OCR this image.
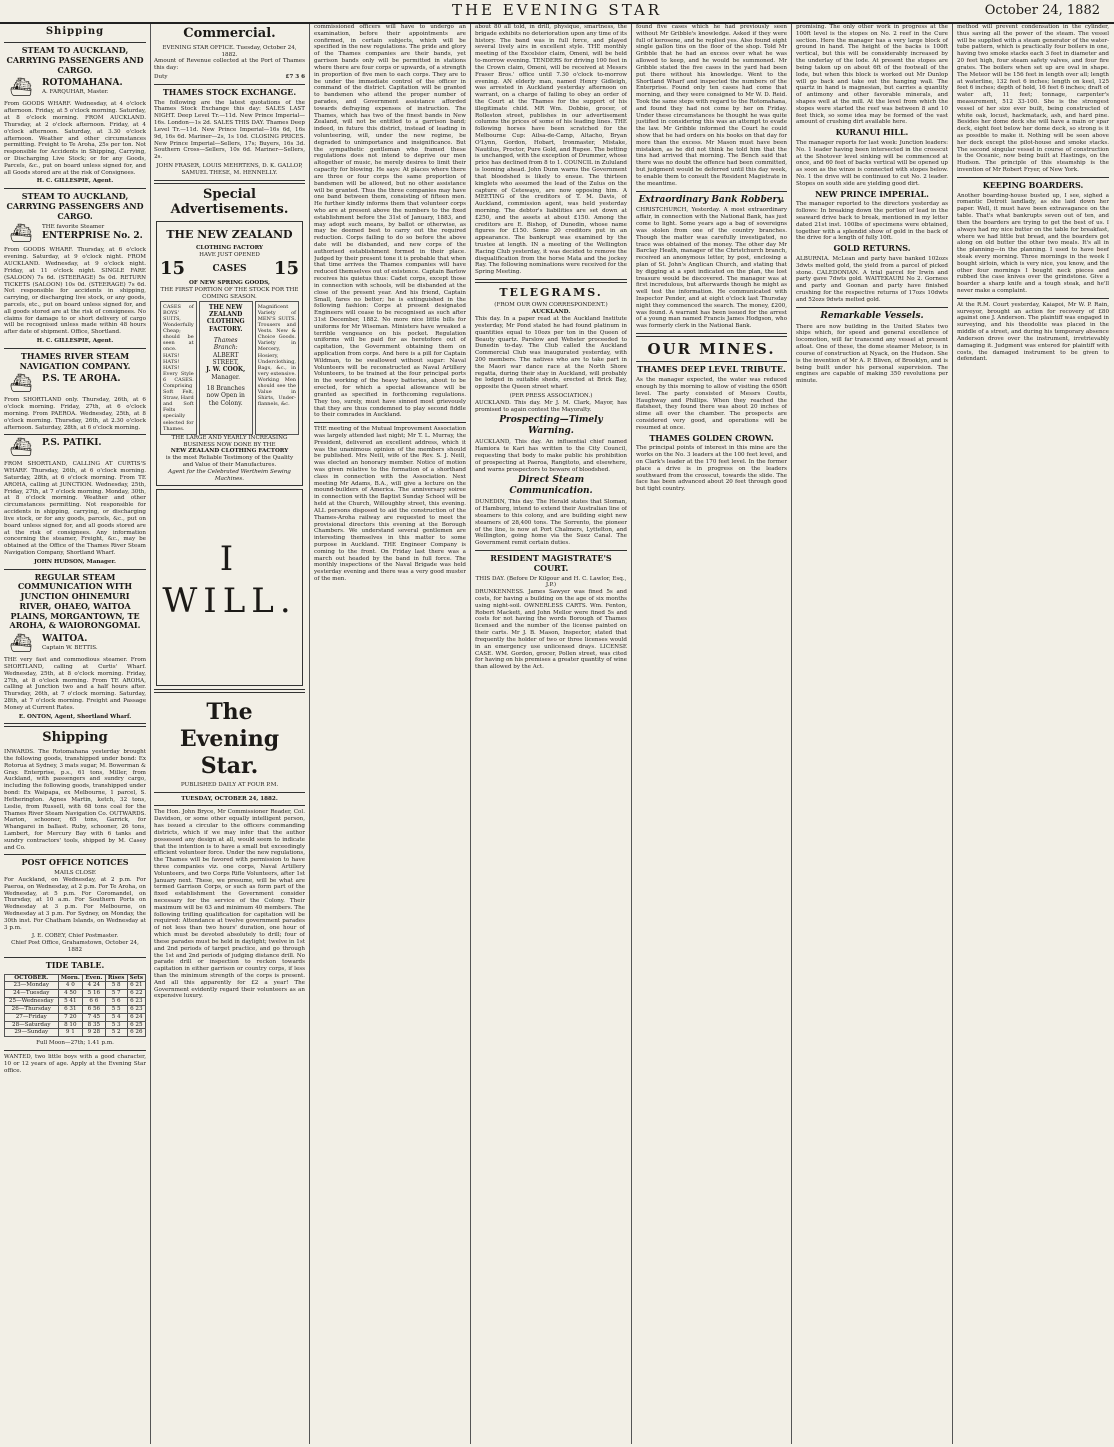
THE EVENING STAR	October 24, 1882
Shipping
STEAM TO AUCKLAND, CARRYING PASSENGERS AND CARGO.
⛴	ROTOMAHANA.
A. FARQUHAR, Master.
From GOODS WHARF. Wednesday, at 4 o'clock afternoon. Friday, at 5 o'clock morning. Saturday, at 8 o'clock morning. FROM AUCKLAND. Thursday, at 2 o'clock afternoon. Friday, at 4 o'clock afternoon. Saturday, at 3.30 o'clock afternoon. Weather and other circumstances permitting. Freight to Te Aroha, 25s per ton. Not responsible for Accidents in Shipping, Carrying, or Discharging Live Stock; or for any Goods, Parcels, &c., put on board unless signed for, and all Goods stored are at the risk of Consignees.
H. C. GILLESPIE, Agent.
STEAM TO AUCKLAND, CARRYING PASSENGERS AND CARGO.
⛴	THE favorite Steamer
ENTERPRISE No. 2.
From GOODS WHARF. Thursday, at 6 o'clock evening. Saturday, at 9 o'clock night. FROM AUCKLAND. Wednesday, at 9 o'clock night. Friday, at 11 o'clock night. SINGLE FARE (SALOON) 7s 6d. (STEERAGE) 5s 0d. RETURN TICKETS (SALOON) 10s 0d. (STEERAGE) 7s 6d. Not responsible for accidents in shipping, carrying, or discharging live stock, or any goods, parcels, etc., put on board unless signed for, and all goods stored are at the risk of consignees. No claims for damage to or short delivery of cargo will be recognised unless made within 48 hours after date of shipment. Office, Shortland.
H. C. GILLESPIE, Agent.
THAMES RIVER STEAM NAVIGATION COMPANY.
⛴	P.S. TE AROHA.
From SHORTLAND only. Thursday, 26th, at 6 o'clock morning. Friday, 27th, at 6 o'clock morning. From PAEROA. Wednesday, 25th, at 8 o'clock morning. Thursday, 26th, at 2.30 o'clock afternoon. Saturday, 28th, at 6 o'clock morning.
⛴	P.S. PATIKI.
FROM SHORTLAND, CALLING AT CURTIS'S WHARF. Thursday, 26th, at 6 o'clock morning. Saturday, 28th, at 6 o'clock morning. From TE AROHA, calling at JUNCTION. Wednesday, 25th, Friday, 27th, at 7 o'clock morning. Monday, 30th, at 8 o'clock morning. Weather and other circumstances permitting. Not responsible for accidents in shipping, carrying, or discharging live stock, or for any goods, parcels, &c., put on board unless signed for, and all goods stored are at the risk of consignees. Any information concerning the steamer, Freight, &c., may be obtained at the Office of the Thames River Steam Navigation Company, Shortland Wharf.
JOHN HUDSON, Manager.
REGULAR STEAM COMMUNICATION WITH JUNCTION OHINEMURI RIVER, OHAEO, WAITOA PLAINS, MORGANTOWN, TE AROHA, & WAIORONGOMAI.
⛴	WAITOA.
Captain W. BETTIS.
THE very fast and commodious steamer. From SHORTLAND, calling at Curtis' Wharf. Wednesday, 25th, at 8 o'clock morning. Friday, 27th, at 8 o'clock morning. From TE AROHA, calling at Junction two and a half hours after. Thursday, 26th, at 7 o'clock morning. Saturday, 28th, at 7 o'clock morning. Freight and Passage Money at Current Rates.
E. ONTON, Agent, Shortland Wharf.
Shipping
INWARDS. The Rotomahana yesterday brought the following goods, transhipped under bond: Ex Rotorua at Sydney, 3 mats sugar, M. Bowerman & Gray. Enterprise, p.s., 61 tons, Miller, from Auckland, with passengers and sundry cargo, including the following goods, transhipped under bond: Ex Waipapa, ex Melbourne, 1 parcel, S. Hetherington. Agnes Martin, ketch, 32 tons, Leslie, from Russell, with 68 tons coal for the Thames River Steam Navigation Co. OUTWARDS. Marion, schooner, 65 tons, Garrick, for Whangarei in ballast. Ruby, schooner, 26 tons, Lambert, for Mercury Bay with 6 tanks and sundry contractors' tools, shipped by M. Casey and Co.
POST OFFICE NOTICES
MAILS CLOSE
For Auckland, on Wednesday, at 2 p.m. For Paeroa, on Wednesday, at 2 p.m. For Te Aroha, on Wednesday, at 5 p.m. For Coromandel, on Thursday, at 10 a.m. For Southern Ports on Wednesday at 3 p.m. For Melbourne, on Wednesday at 3 p.m. For Sydney, on Monday, the 30th inst. For Chatham Islands, on Wednesday at 3 p.m.
J. E. COBEY, Chief Postmaster.
Chief Post Office, Grahamstown, October 24, 1882
TIDE TABLE.
OCTOBER.	Morn.	Even.	Rises	Sets
23—Monday	4 0	4 24	5 8	6 21
24—Tuesday	4 50	5 16	5 7	6 22
25—Wednesday	5 41	6 6	5 6	6 23
26—Thursday	6 31	6 56	5 5	6 23
27—Friday	7 20	7 45	5 4	6 24
28—Saturday	8 10	8 35	5 3	6 25
29—Sunday	9 1	9 28	5 2	6 26
Full Moon—27th; 1.41 p.m.
WANTED, two little boys with a good character, 10 or 12 years of age. Apply at the Evening Star office.
Commercial.
EVENING STAR OFFICE. Tuesday, October 24, 1882.
Amount of Revenue collected at the Port of Thames this day:
Duty	£7 3 6
THAMES STOCK EXCHANGE.
The following are the latest quotations of the Thames Stock Exchange this day: SALES LAST NIGHT. Deep Level Tr.—11d. New Prince Imperial—16s. London—1s 2d. SALES THIS DAY. Thames Deep Level Tr.—11d. New Prince Imperial—16s 6d, 16s 9d, 16s 6d. Mariner—2s, 1s 10d. CLOSING PRICES. New Prince Imperial—Sellers, 17s; Buyers, 16s 3d. Southern Cross—Sellers, 10s 6d. Mariner—Sellers, 2s.
JOHN FRASER, LOUIS MEHRTENS, D. K. GALLOP, SAMUEL THESE, M. HENNELLY.
Special Advertisements.
THE NEW ZEALAND
CLOTHING FACTORY
HAVE JUST OPENED
15	CASES 15
OF NEW SPRING GOODS,
THE FIRST PORTION OF THE STOCK FOR THE COMING SEASON.
CASES of BOYS' SUITS, Wonderfully Cheap; should be seen at once. HATS! HATS! HATS! Every Style 6 CASES. Comprising Soft Felt, Straw, Hard and Soft Felts specially selected for Thames.
THE NEW ZEALAND CLOTHING FACTORY.
Thames Branch:
ALBERT STREET,
J. W. COOK,
Manager.
18 Branches now Open in the Colony.
Magnificent Variety of MEN'S SUITS. Trousers and Vests. New & Choice Goods. Variety in Mercery, Hosiery, Underclothing, Bags, &c., in very extensive. Working Men should see the Value in Shirts, Under-flannels, &c.
THE LARGE AND YEARLY INCREASING BUSINESS NOW DONE BY THE
NEW ZEALAND CLOTHING FACTORY
is the most Reliable Testimony of the Quality and Value of their Manufactures.
Agent for the Celebrated Wertheim Sewing Machines.
I WILL.
The Evening Star.
PUBLISHED DAILY AT FOUR P.M.
TUESDAY, OCTOBER 24, 1882.
The Hon. John Bryce, Mr Commissioner Reader, Col. Davidson, or some other equally intelligent person, has issued a circular to the officers commanding districts, which if we may infer that the author possessed any design at all, would seem to indicate that the intention is to have a small but exceedingly efficient volunteer force. Under the new regulations, the Thames will be favored with permission to have three companies viz. one corps, Naval Artillery Volunteers, and two Corps Rifle Volunteers, after 1st January next. These, we presume, will be what are termed Garrison Corps, or such as form part of the fixed establishment the Government consider necessary for the service of the Colony. Their maximum will be 63 and minimum 40 members. The following trifling qualification for capitation will be required: Attendance at twelve government parades of not less than two hours' duration, one hour of which must be devoted absolutely to drill; four of these parades must be held in daylight; twelve in 1st and 2nd periods of target practice, and go through the 1st and 2nd periods of judging distance drill. No parade drill or inspection to reckon towards capitation in either garrison or country corps, if less than the minimum strength of the corps is present. And all this apparently for £2 a year! The Government evidently regard their volunteers as an expensive luxury.
commissioned officers will have to undergo an examination, before their appointments are confirmed, in certain subjects, which will be specified in the new regulations. The pride and glory of the Thames companies are their bands, yet garrison bands only will be permitted in stations where there are four corps or upwards, of a strength in proportion of five men to each corps. They are to be under the immediate control of the officer in command of the district. Capitation will be granted to bandsmen who attend the proper number of parades, and Government assistance afforded towards defraying expenses of instruction. The Thames, which has two of the finest bands in New Zealand, will not be entitled to a garrison band; indeed, in future this district, instead of leading in volunteering, will, under the new regime, be degraded to unimportance and insignificance. But the sympathetic gentleman who framed these regulations does not intend to deprive our men altogether of music, he merely desires to limit their capacity for blowing. He says: At places where there are three or four corps the same proportion of bandsmen will be allowed, but no other assistance will be granted. Thus the three companies may have one band between them, consisting of fifteen men. He further kindly informs them that volunteer corps who are at present above the numbers to the fixed establishment before the 31st of January, 1883, and may adopt such means, by ballot or otherwise, as may be deemed best to carry out the required reduction. Corps failing to do so before the above date will be disbanded, and new corps of the authorised establishment formed in their place. Judged by their present tone it is probable that when that time arrives the Thames companies will have reduced themselves out of existence. Captain Barlow receives his quietus thus: Cadet corps, except those in connection with schools, will be disbanded at the close of the present year. And his friend, Captain Small, fares no better; he is extinguished in the following fashion: Corps at present designated Engineers will cease to be recognised as such after 31st December, 1882. No more nice little bills for uniforms for Mr Wiseman. Ministers have wreaked a terrible vengeance on his pocket. Regulation uniforms will be paid for as heretofore out of capitation, the Government obtaining them on application from corps. And here is a pill for Captain Wildman, to be swallowed without sugar: Naval Volunteers will be reconstructed as Naval Artillery Volunteers, to be trained at the four principal ports in the working of the heavy batteries, about to be erected, for which a special allowance will be granted as specified in forthcoming regulations. They too, surely, must have sinned most grievously that they are thus condemned to play second fiddle to their comrades in Auckland.
THE meeting of the Mutual Improvement Association was largely attended last night; Mr T. L. Murray, the President, delivered an excellent address, which it was the unanimous opinion of the members should be published. Mrs Neill, wife of the Rev. S. J. Neill, was elected an honorary member. Notice of motion was given relative to the formation of a shorthand class in connection with the Association. Next meeting Mr Adams, B.A., will give a lecture on the mound-builders of America. The anniversary soiree in connection with the Baptist Sunday School will be held at the Church, Willoughby street, this evening. ALL persons disposed to aid the construction of the Thames-Aroha railway are requested to meet the provisional directors this evening at the Borough Chambers. We understand several gentlemen are interesting themselves in this matter to some purpose in Auckland. THE Engineer Company is coming to the front. On Friday last there was a march out headed by the band in full force. The monthly inspections of the Naval Brigade was held yesterday evening and there was a very good muster of the men.
about 80 all told, in drill, physique, smartness, the brigade exhibits no deterioration upon any time of its history. The band was in full force, and played several lively airs in excellent style. THE monthly meeting of the Excelsior claim, Omeni, will be held to-morrow evening. TENDERS for driving 100 feet in the Crown claim, Omeni, will be received at Messrs Fraser Bros.' office until 7.30 o'clock to-morrow evening. AN elderly man, named Henry Gidleigh, was arrested in Auckland yesterday afternoon on warrant, on a charge of failing to obey an order of the Court at the Thames for the support of his illegitimate child. MR Wm. Dobbie, grocer, of Rolleston street, publishes in our advertisement columns the prices of some of his leading lines. THE following horses have been scratched for the Melbourne Cup: Ailsa-de-Camp, Altacho, Bryan O'Lynn, Gordon, Hobart, Ironmaster, Mistake, Nautilus, Proctor, Pure Gold, and Rupee. The betting is unchanged, with the exception of Drummer, whose price has declined from 8 to 1. COUNCIL in Zululand is looming ahead. John Dunn warns the Government that bloodshed is likely to ensue. The thirteen kinglets who assumed the lead of the Zulus on the capture of Cetewayo, are now opposing him. A MEETING of the creditors of T. M. Davis, of Auckland, commission agent, was held yesterday morning. The debtor's liabilities are set down at £250, and the assets at about £150. Among the creditors are E. Bishop, of Dunedin, whose name figures for £150. Some 20 creditors put in an appearance. The bankrupt was examined by the trustee at length. IN a meeting of the Wellington Racing Club yesterday, it was decided to remove the disqualification from the horse Mata and the jockey Ray. The following nominations were received for the Spring Meeting.
TELEGRAMS.
(FROM OUR OWN CORRESPONDENT.)
AUCKLAND.
This day. In a paper read at the Auckland Institute yesterday, Mr Pond stated he had found platinum in quantities equal to 10ozs per ton in the Queen of Beauty quartz. Parslow and Webster proceeded to Dunedin to-day. The Club called the Auckland Commercial Club was inaugurated yesterday, with 200 members. The natives who are to take part in the Maori war dance race at the North Shore regatta, during their stay in Auckland, will probably be lodged in suitable sheds, erected at Brick Bay, opposite the Queen street wharf.
(PER PRESS ASSOCIATION.)
AUCKLAND. This day. Mr J. M. Clark, Mayor, has promised to again contest the Mayoralty.
Prospecting—Timely Warning.
AUCKLAND, This day. An influential chief named Hamiora te Kari has written to the City Council, requesting that body to make public his prohibition of prospecting at Paeroa, Rangitoto, and elsewhere, and warns prospectors to beware of bloodshed.
Direct Steam Communication.
DUNEDIN, This day. The Herald states that Sloman, of Hamburg, intend to extend their Australian line of steamers to this colony, and are building eight new steamers of 28,400 tons. The Sorrento, the pioneer of the line, is now at Port Chalmers, Lyttelton, and Wellington, going home via the Suez Canal. The Government remit certain duties.
RESIDENT MAGISTRATE'S COURT.
THIS DAY. (Before Dr Kilgour and H. C. Lawlor, Esq., J.P.)
DRUNKENNESS. James Sawyer was fined 5s and costs, for having a building on the age of six months using night-soil. OWNERLESS CARTS. Wm. Fenton, Robert Mackett, and John Mellor were fined 5s and costs for not having the words Borough of Thames licensed and the number of the license painted on their carts. Mr J. B. Mason, Inspector, stated that frequently the holder of two or three licenses would in an emergency use unlicensed drays. LICENSE CASE. WM. Gordon, grocer, Pollen street, was cited for having on his premises a greater quantity of wine than allowed by the Act.
found five cases which he had previously seen without Mr Gribble's knowledge. Asked if they were full of kerosene, and he replied yes. Also found eight single gallon tins on the floor of the shop. Told Mr Gribble that he had an excess over what he was allowed to keep, and he would be summoned. Mr Gribble stated the five cases in the yard had been put there without his knowledge. Went to the Shortland Wharf and inspected the numbers of the Enterprise. Found only ten cases had come that morning, and they were consigned to Mr W. D. Reid. Took the same steps with regard to the Rotomahana, and found they had not come by her on Friday. Under these circumstances he thought he was quite justified in considering this was an attempt to evade the law. Mr Gribble informed the Court he could show that he had orders on his books on that day for more than the excess. Mr Mason must have been mistaken, as he did not think he told him that the tins had arrived that morning. The Bench said that there was no doubt the offence had been committed, but judgment would be deferred until this day week, to enable them to consult the Resident Magistrate in the meantime.
Extraordinary Bank Robbery.
CHRISTCHURCH, Yesterday. A most extraordinary affair, in connection with the National Bank, has just come to light. Some years ago a bag of sovereigns was stolen from one of the country branches. Though the matter was carefully investigated, no trace was obtained of the money. The other day Mr Barclay Heath, manager of the Christchurch branch, received an anonymous letter, by post, enclosing a plan of St. John's Anglican Church, and stating that by digging at a spot indicated on the plan, the lost treasure would be discovered. The manager was at first incredulous, but afterwards though he might as well test the information. He communicated with Inspector Pender, and at eight o'clock last Thursday night they commenced the search. The money, £200, was found. A warrant has been issued for the arrest of a young man named Francis James Hodgson, who was formerly clerk in the National Bank.
OUR MINES.
THAMES DEEP LEVEL TRIBUTE.
As the manager expected, the water was reduced enough by this morning to allow of visiting the 650ft level. The party consisted of Messrs Coutts, Haughway and Phillips. When they reached the flatsheet, they found there was about 20 inches of slime all over the chamber. The prospects are considered very good, and operations will be resumed at once.
THAMES GOLDEN CROWN.
The principal points of interest in this mine are the works on the No. 3 leaders at the 100 feet level, and on Clark's leader at the 170 feet level. In the former place a drive is in progress on the leaders southward from the crosscut, towards the slide. The face has been advanced about 20 feet through good but tight country.
promising. The only other work in progress at the 100ft level is the stopes on No. 2 reef in the Cure section. Here the manager has a very large block of ground in hand. The height of the backs is 100ft vertical, but this will be considerably increased by the underlay of the lode. At present the stopes are being taken up on about 6ft of the footwall of the lode, but when this block is worked out Mr Dunlop will go back and take out the hanging wall. The quartz in hand is magnesian, but carries a quantity of antimony and other favorable minerals, and shapes well at the mill. At the level from which the stopes were started the reef was between 8 and 10 feet thick, so some idea may be formed of the vast amount of crushing dirt available here.
KURANUI HILL.
The manager reports for last week: Junction leaders: No. 1 leader having been intersected in the crosscut at the Shotover level sinking will be commenced at once, and 60 feet of backs vertical will be opened up as soon as the winze is connected with stopes below. No. 1 the drive will be continued to cut No. 2 leader. Stopes on south side are yielding good dirt.
NEW PRINCE IMPERIAL.
The manager reported to the directors yesterday as follows: In breaking down the portion of lead in the seaward drive back to break, mentioned in my letter dated 21st inst. 100lbs of specimens were obtained, together with a splendid show of gold in the back of the drive for a length of fully 10ft.
GOLD RETURNS.
ALBURNIA. McLean and party have banked 102ozs 3dwts melted gold, the yield from a parcel of picked stone. CALEDONIAN. A trial parcel for Irwin and party gave 7dwts gold. WAITEKAURI No 2. Gorness and party and Goonan and party have finished crushing for the respective returns of 17ozs 10dwts and 52ozs 9dwts melted gold.
Remarkable Vessels.
There are now building in the United States two ships which, for speed and general excellence of locomotion, will far transcend any vessel at present afloat. One of these, the dome steamer Meteor, is in course of construction at Nyack, on the Hudson. She is the invention of Mr A. P. Bliven, of Brooklyn, and is being built under his personal supervision. The engines are capable of making 350 revolutions per minute.
method will prevent condensation in the cylinder, thus saving all the power of the steam. The vessel will be supplied with a steam generator of the water-tube pattern, which is practically four boilers in one, having two smoke stacks each 3 feet in diameter and 20 feet high, four steam safety valves, and four fire grates. The boilers when set up are oval in shape. The Meteor will be 156 feet in length over all; length at waterline, 132 feet 6 inches; length on keel, 125 feet 6 inches; depth of hold, 16 feet 6 inches; draft of water aft, 11 feet; tonnage, carpenter's measurement, 512 33-100. She is the strongest vessel of her size ever built, being constructed of white oak, locust, hackmatack, ash, and hard pine. Besides her dome deck she will have a main or spar deck, eight feet below her dome deck, so strong is it as possible to make it. Nothing will be seen above her deck except the pilot-house and smoke stacks. The second singular vessel in course of construction is the Oceanic, now being built at Hastings, on the Hudson. The principle of this steamship is the invention of Mr Robert Fryer, of New York.
KEEPING BOARDERS.
Another boarding-house busted up, I see, sighed a romantic Detroit landlady, as she laid down her paper. Well, it must have been extravagance on the table. That's what bankrupts seven out of ten, and then the boarders are trying to get the best of us. I always had my nice butter on the table for breakfast, where we had little but bread, and the boarders got along on old butter the other two meals. It's all in the planning—in the planning. I used to have beef steak every morning. Three mornings in the week I bought sirloin, which is very nice, you know, and the other four mornings I bought neck pieces and rubbed the case knives over the grindstone. Give a boarder a sharp knife and a tough steak, and he'll never make a complaint.
At the R.M. Court yesterday, Kaiapoi, Mr W. P. Rain, surveyor, brought an action for recovery of £80 against one J. Anderson. The plaintiff was engaged in surveying, and his theodolite was placed in the middle of a street, and during his temporary absence Anderson drove over the instrument, irretrievably damaging it. Judgment was entered for plaintiff with costs, the damaged instrument to be given to defendant.
